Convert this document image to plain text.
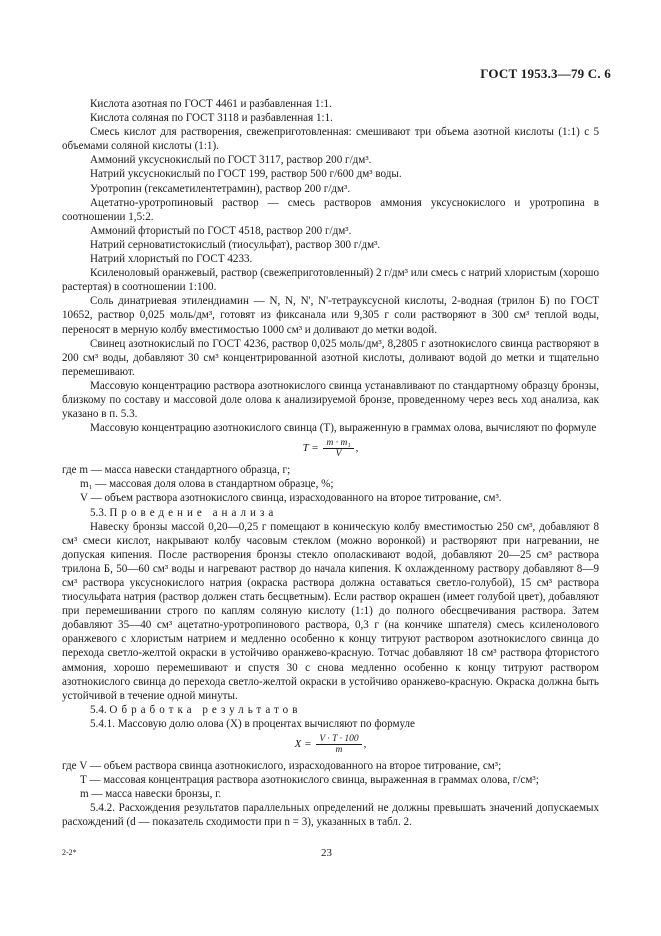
ГОСТ 1953.3—79 С. 6

Кислота азотная по ГОСТ 4461 и разбавленная 1:1.

Кислота соляная по ГОСТ 3118 и разбавленная 1:1.

Смесь кислот для растворения, свежеприготовленная: смешивают три объема азотной кислоты (1:1) с 5 объемами соляной кислоты (1:1).

Аммоний уксуснокислый по ГОСТ 3117, раствор 200 г/дм³.

Натрий уксуснокислый по ГОСТ 199, раствор 500 г/600 дм³ воды.

Уротропин (гексаметилентетрамин), раствор 200 г/дм³.

Ацетатно-уротропиновый раствор — смесь растворов аммония уксуснокислого и уротропина в соотношении 1,5:2.

Аммоний фтористый по ГОСТ 4518, раствор 200 г/дм³.

Натрий серноватистокислый (тиосульфат), раствор 300 г/дм³.

Натрий хлористый по ГОСТ 4233.

Ксиленоловый оранжевый, раствор (свежеприготовленный) 2 г/дм³ или смесь с натрий хлористым (хорошо растертая) в соотношении 1:100.

Соль динатриевая этилендиамин — N, N, N', N'-тетрауксусной кислоты, 2-водная (трилон Б) по ГОСТ 10652, раствор 0,025 моль/дм³, готовят из фиксанала или 9,305 г соли растворяют в 300 см³ теплой воды, переносят в мерную колбу вместимостью 1000 см³ и доливают до метки водой.

Свинец азотнокислый по ГОСТ 4236, раствор 0,025 моль/дм³, 8,2805 г азотнокислого свинца растворяют в 200 см³ воды, добавляют 30 см³ концентрированной азотной кислоты, доливают водой до метки и тщательно перемешивают.

Массовую концентрацию раствора азотнокислого свинца устанавливают по стандартному образцу бронзы, близкому по составу и массовой доле олова к анализируемой бронзе, проведенному через весь ход анализа, как указано в п. 5.3.

Массовую концентрацию азотнокислого свинца (T), выраженную в граммах олова, вычисляют по формуле

$T = \frac{\text{m · m₁}}{V}$ ,

где m — масса навески стандартного образца, г;

m₁ — массовая доля олова в стандартном образце, %;

V — объем раствора азотнокислого свинца, израсходованного на второе титрование, см³.

5.3. Проведение анализа

Навеску бронзы массой 0,20—0,25 г помещают в коническую колбу вместимостью 250 см³, добавляют 8 см³ смеси кислот, накрывают колбу часовым стеклом (можно воронкой) и растворяют при нагревании, не допуская кипения. После растворения бронзы стекло ополаскивают водой, добавляют 20—25 см³ раствора трилона Б, 50—60 см³ воды и нагревают раствор до начала кипения. К охлажденному раствору добавляют 8—9 см³ раствора уксуснокислого натрия (окраска раствора должна оставаться светло-голубой), 15 см³ раствора тиосульфата натрия (раствор должен стать бесцветным). Если раствор окрашен (имеет голубой цвет), добавляют при перемешивании строго по каплям соляную кислоту (1:1) до полного обесцвечивания раствора. Затем добавляют 35—40 см³ ацетатно-уротропинового раствора, 0,3 г (на кончике шпателя) смесь ксиленолового оранжевого с хлористым натрием и медленно особенно к концу титруют раствором азотнокислого свинца до перехода светло-желтой окраски в устойчиво оранжево-красную. Тотчас добавляют 18 см³ раствора фтористого аммония, хорошо перемешивают и спустя 30 с снова медленно особенно к концу титруют раствором азотнокислого свинца до перехода светло-желтой окраски в устойчиво оранжево-красную. Окраска должна быть устойчивой в течение одной минуты.

5.4. Обработка результатов

5.4.1. Массовую долю олова (X) в процентах вычисляют по формуле

$X = \frac{V \cdot T \cdot 100}{m}$ ,

где V — объем раствора свинца азотнокислого, израсходованного на второе титрование, см³;

T — массовая концентрация раствора азотнокислого свинца, выраженная в граммах олова, г/см³;

m — масса навески бронзы, г.

5.4.2. Расхождения результатов параллельных определений не должны превышать значений допускаемых расхождений (d — показатель сходимости при n = 3), указанных в табл. 2.

2-2*	23
